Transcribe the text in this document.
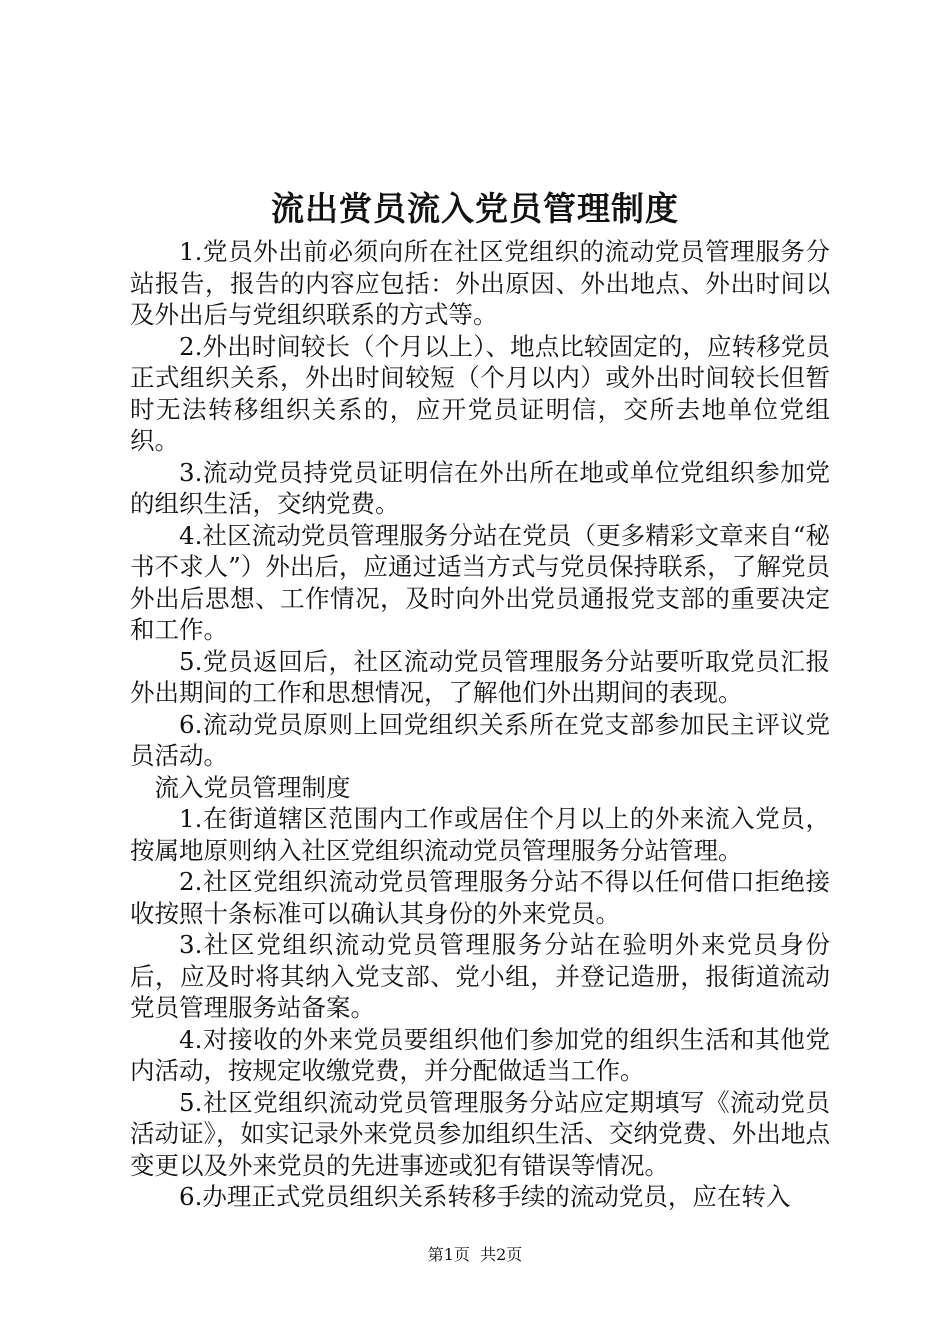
流出赏员流入党员管理制度

1.党员外出前必须向所在社区党组织的流动党员管理服务分站报告，报告的内容应包括：外出原因、外出地点、外出时间以及外出后与党组织联系的方式等。

2.外出时间较长（个月以上）、地点比较固定的，应转移党员正式组织关系，外出时间较短（个月以内）或外出时间较长但暂时无法转移组织关系的，应开党员证明信，交所去地单位党组织。

3.流动党员持党员证明信在外出所在地或单位党组织参加党的组织生活，交纳党费。

4.社区流动党员管理服务分站在党员（更多精彩文章来自“秘书不求人”）外出后，应通过适当方式与党员保持联系，了解党员外出后思想、工作情况，及时向外出党员通报党支部的重要决定和工作。

5.党员返回后，社区流动党员管理服务分站要听取党员汇报外出期间的工作和思想情况，了解他们外出期间的表现。

6.流动党员原则上回党组织关系所在党支部参加民主评议党员活动。

流入党员管理制度

1.在街道辖区范围内工作或居住个月以上的外来流入党员，按属地原则纳入社区党组织流动党员管理服务分站管理。

2.社区党组织流动党员管理服务分站不得以任何借口拒绝接收按照十条标准可以确认其身份的外来党员。

3.社区党组织流动党员管理服务分站在验明外来党员身份后，应及时将其纳入党支部、党小组，并登记造册，报街道流动党员管理服务站备案。

4.对接收的外来党员要组织他们参加党的组织生活和其他党内活动，按规定收缴党费，并分配做适当工作。

5.社区党组织流动党员管理服务分站应定期填写《流动党员活动证》，如实记录外来党员参加组织生活、交纳党费、外出地点变更以及外来党员的先进事迹或犯有错误等情况。

6.办理正式党员组织关系转移手续的流动党员，应在转入

第1页 共2页
